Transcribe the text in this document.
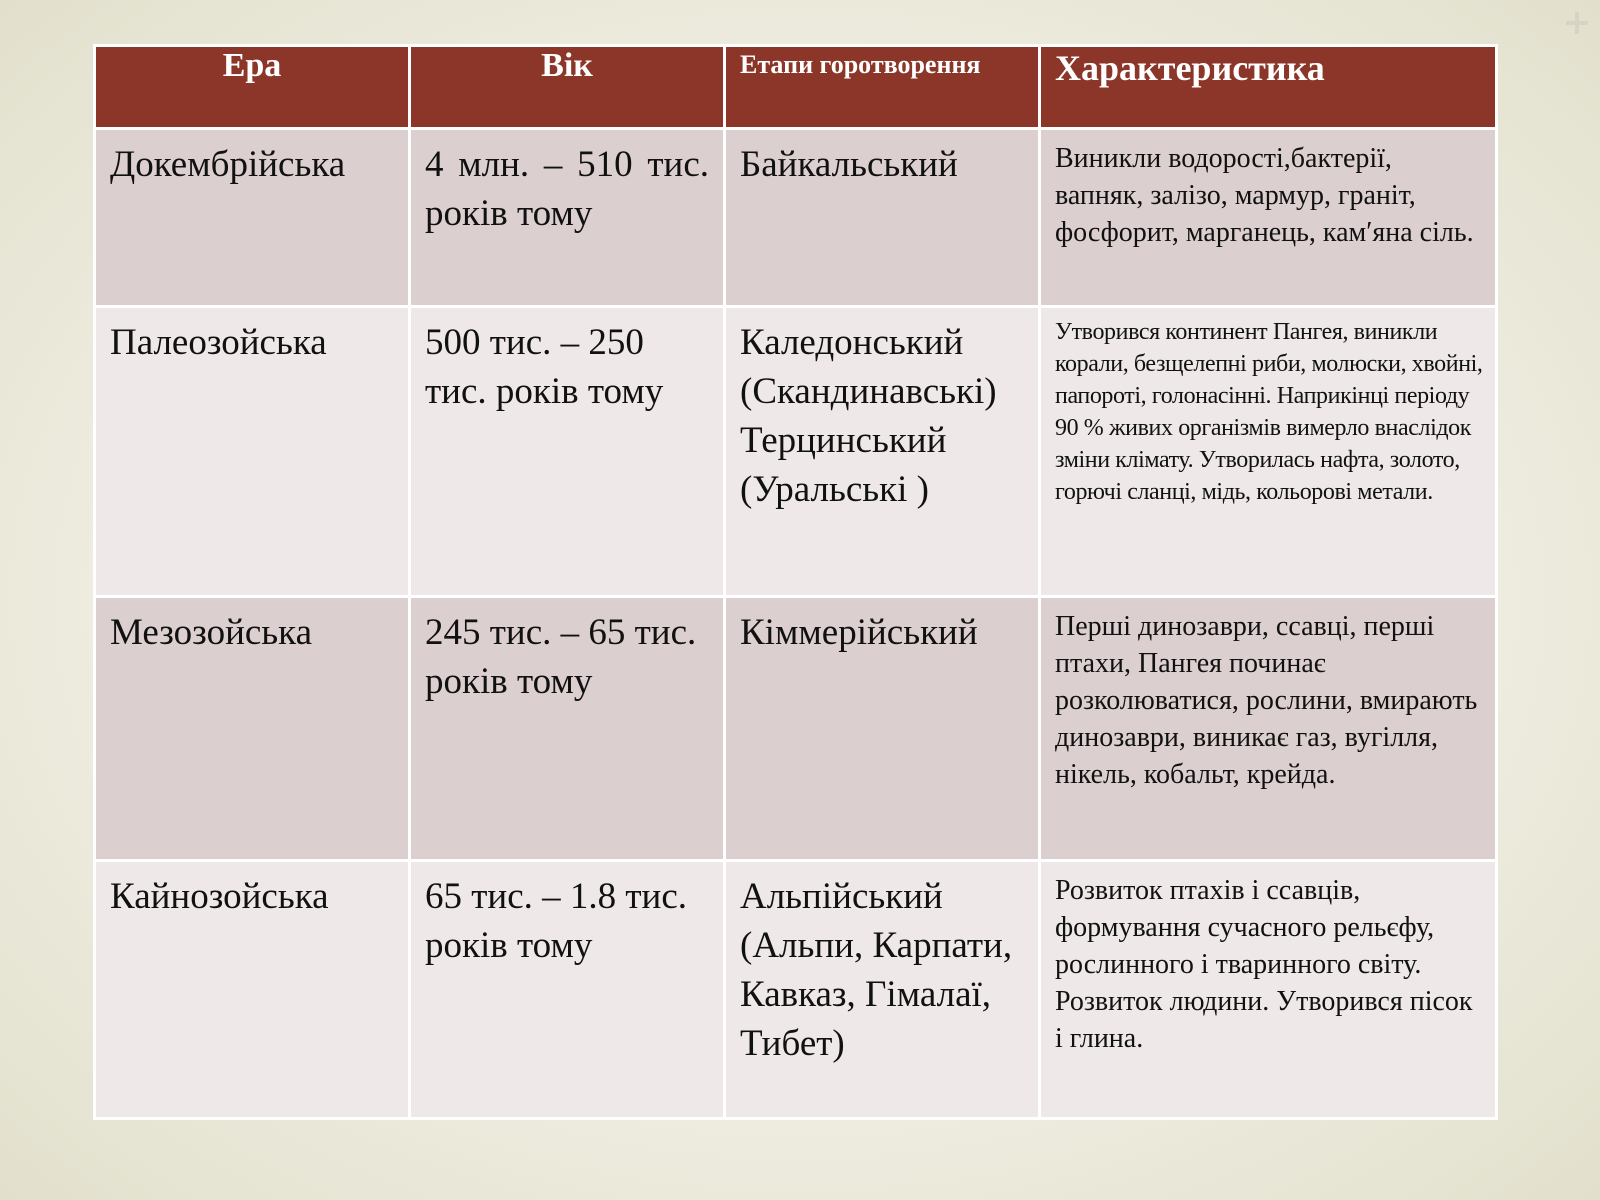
Ера	Вік	Етапи горотворення	Характеристика
Докембрійська	4 млн. – 510 тис. років тому	Байкальський	Виникли водорості,бактерії, вапняк, залізо, мармур, граніт, фосфорит, марганець, кам′яна сіль.
Палеозойська	500 тис. – 250 тис. років тому	Каледонський (Скандинавські) Терцинський (Уральські )	Утворився континент Пангея, виникли корали, безщелепні риби, молюски, хвойні, папороті, голонасінні. Наприкінці періоду 90 % живих організмів вимерло внаслідок зміни клімату. Утворилась нафта, золото, горючі сланці, мідь, кольорові метали.
Мезозойська	245 тис. – 65 тис. років тому	Кіммерійський	Перші динозаври, ссавці, перші птахи, Пангея починає розколюватися, рослини, вмирають динозаври, виникає газ, вугілля, нікель, кобальт, крейда.
Кайнозойська	65 тис. – 1.8 тис. років тому	Альпійський (Альпи, Карпати, Кавказ, Гімалаї, Тибет)	Розвиток птахів і ссавців, формування сучасного рельєфу, рослинного і тваринного світу. Розвиток людини. Утворився пісок і глина.
